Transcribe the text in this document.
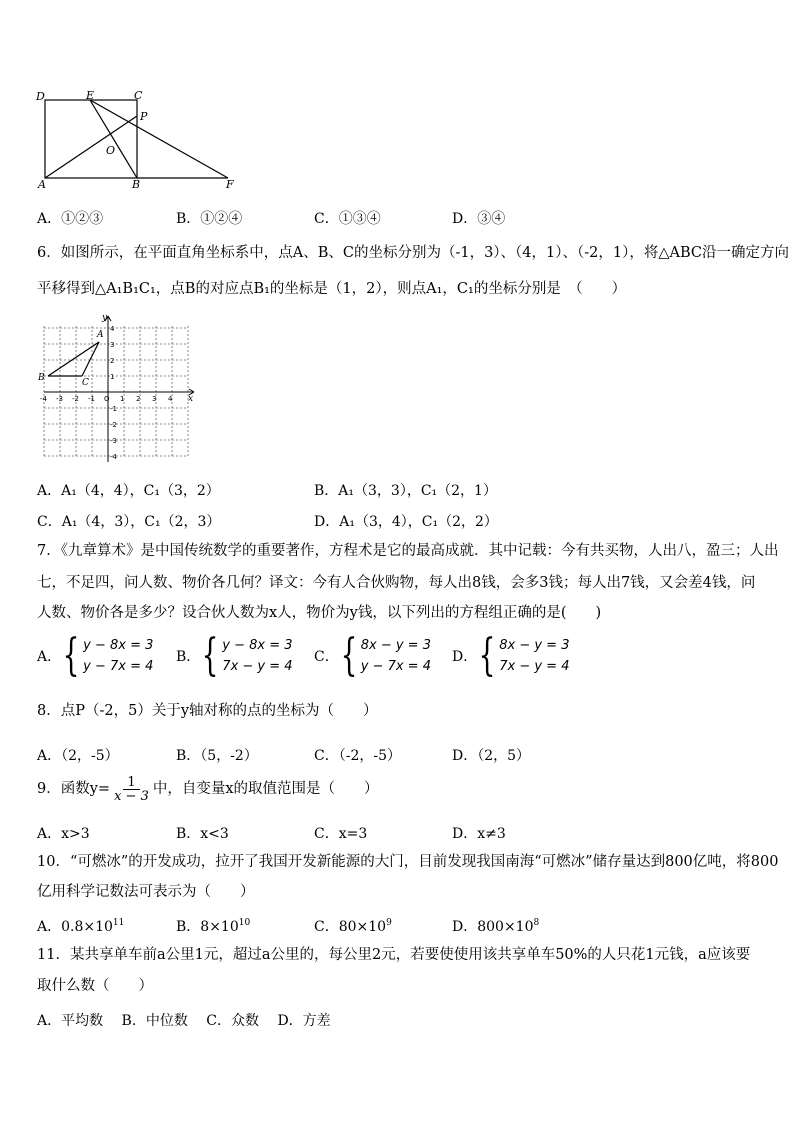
D	E	C
P
O
A	B	F
A．①②③	B．①②④	C．①③④	D．③④
6．如图所示，在平面直角坐标系中，点A、B、C的坐标分别为（-1，3）、（4，1）、（-2，1），将△ABC沿一确定方向
平移得到△A₁B₁C₁，点B的对应点B₁的坐标是（1，2），则点A₁，C₁的坐标分别是　（　　）
-4 -3 -2 -1 O 1 2 3 4
4
3
2
1
-1
-2
-3
-4
x
y
A
B	C
A．A₁（4，4），C₁（3，2）	B．A₁（3，3），C₁（2，1）
C．A₁（4，3），C₁（2，3）	D．A₁（3，4），C₁（2，2）
7．《九章算术》是中国传统数学的重要著作，方程术是它的最高成就．其中记载：今有共买物，人出八，盈三；人出
七，不足四，问人数、物价各几何？译文：今有人合伙购物，每人出8钱，会多3钱；每人出7钱，又会差4钱，问
人数、物价各是多少？设合伙人数为x人，物价为y钱，以下列出的方程组正确的是(　　)
A． { y − 8x = 3
y − 7x = 4
B． { y − 8x = 3
7x − y = 4
C． { 8x − y = 3
y − 7x = 4
D． { 8x − y = 3
7x − y = 4
8．点P（-2，5）关于y轴对称的点的坐标为（　　）
A．（2，-5）	B．（5，-2）	C．（-2，-5）	D．（2，5）
9．函数$y= \frac{1}{x - 3}$ 中，自变量x的取值范围是（　　）
A．x>3	B．x<3	C．x=3	D．x≠3
10．“可燃冰”的开发成功，拉开了我国开发新能源的大门，目前发现我国南海“可燃冰”储存量达到800亿吨，将800
亿用科学记数法可表示为（　　）
A．$0.8\times 10^{11}$	B．$8\times 10^{10}$	C．$80\times 10^9$	D．$800\times 10^8$
11．某共享单车前a公里1元，超过a公里的，每公里2元，若要使使用该共享单车50%的人只花1元钱，a应该要
取什么数（　　）
A．平均数　 B．中位数　 C．众数　 D．方差
